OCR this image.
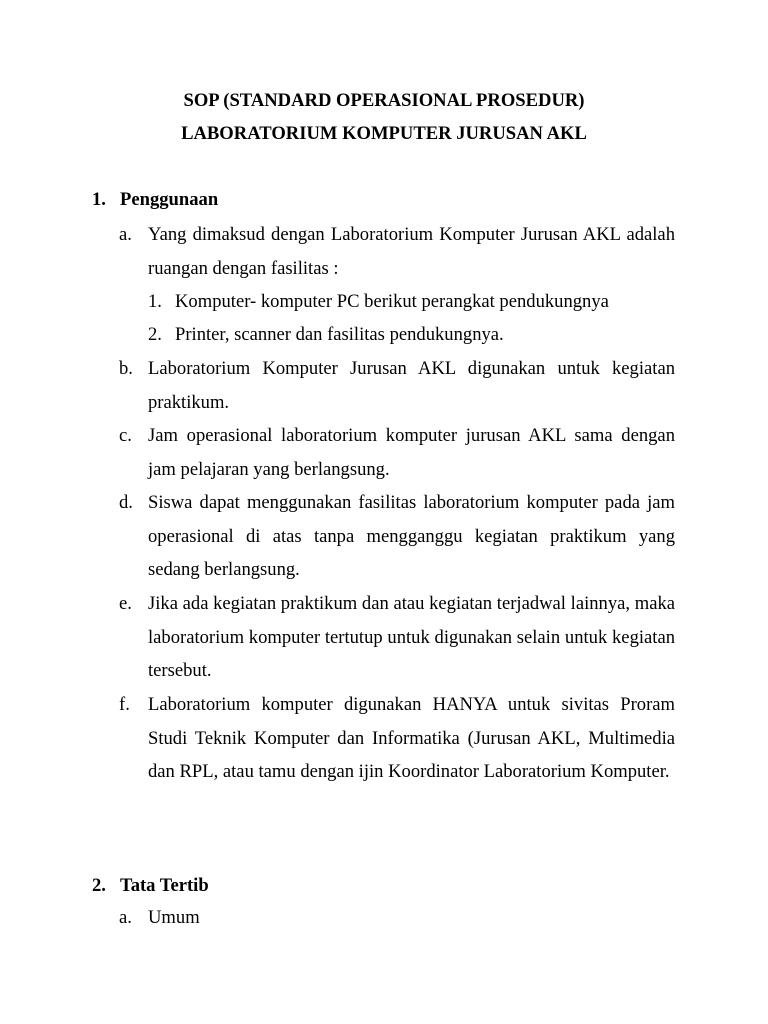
SOP (STANDARD OPERASIONAL PROSEDUR)
LABORATORIUM KOMPUTER JURUSAN AKL
1. Penggunaan
a. Yang dimaksud dengan Laboratorium Komputer Jurusan AKL adalah ruangan dengan fasilitas :
1. Komputer- komputer PC berikut perangkat pendukungnya
2. Printer, scanner dan fasilitas pendukungnya.
b. Laboratorium Komputer Jurusan AKL digunakan untuk kegiatan praktikum.
c. Jam operasional laboratorium komputer jurusan AKL sama dengan jam pelajaran yang berlangsung.
d. Siswa dapat menggunakan fasilitas laboratorium komputer pada jam operasional di atas tanpa mengganggu kegiatan praktikum yang sedang berlangsung.
e. Jika ada kegiatan praktikum dan atau kegiatan terjadwal lainnya, maka laboratorium komputer tertutup untuk digunakan selain untuk kegiatan tersebut.
f. Laboratorium komputer digunakan HANYA untuk sivitas Proram Studi Teknik Komputer dan Informatika (Jurusan AKL, Multimedia dan RPL, atau tamu dengan ijin Koordinator Laboratorium Komputer.
2. Tata Tertib
a. Umum
